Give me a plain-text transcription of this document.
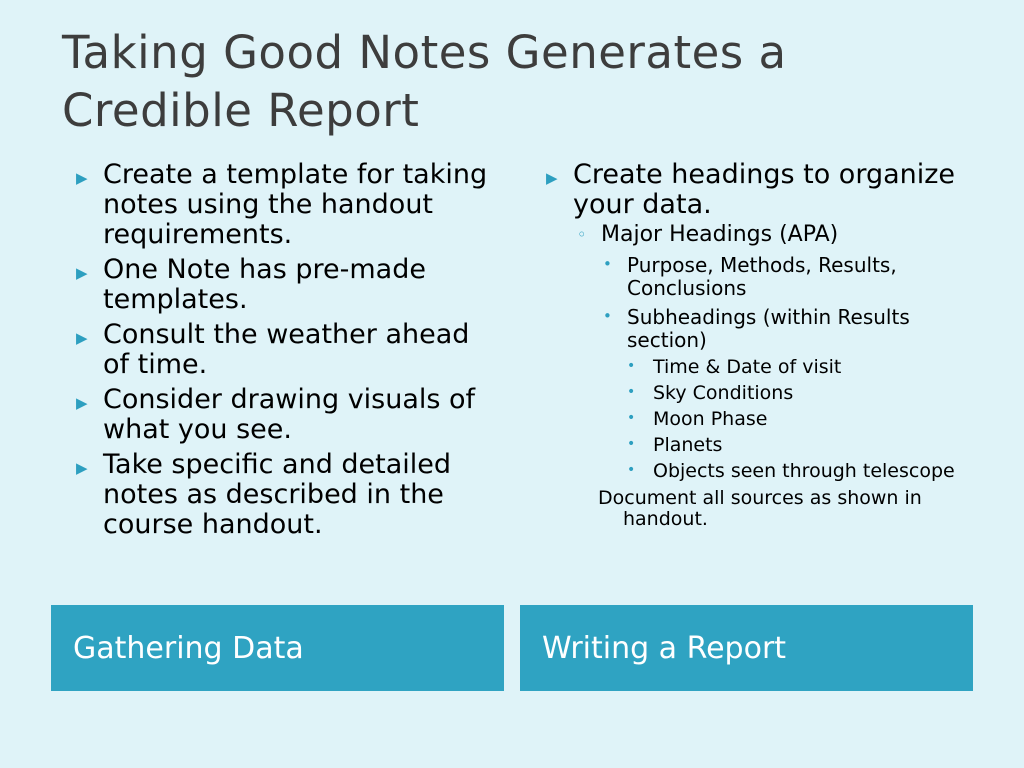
Taking Good Notes Generates a Credible Report
▶ Create a template for taking notes using the handout requirements.
▶ One Note has pre-made templates.
▶ Consult the weather ahead of time.
▶ Consider drawing visuals of what you see.
▶ Take specific and detailed notes as described in the course handout.
▶ Create headings to organize your data.
◦ Major Headings (APA)
• Purpose, Methods, Results, Conclusions
• Subheadings (within Results section)
• Time & Date of visit
• Sky Conditions
• Moon Phase
• Planets
• Objects seen through telescope
Document all sources as shown in handout.
Gathering Data	Writing a Report
